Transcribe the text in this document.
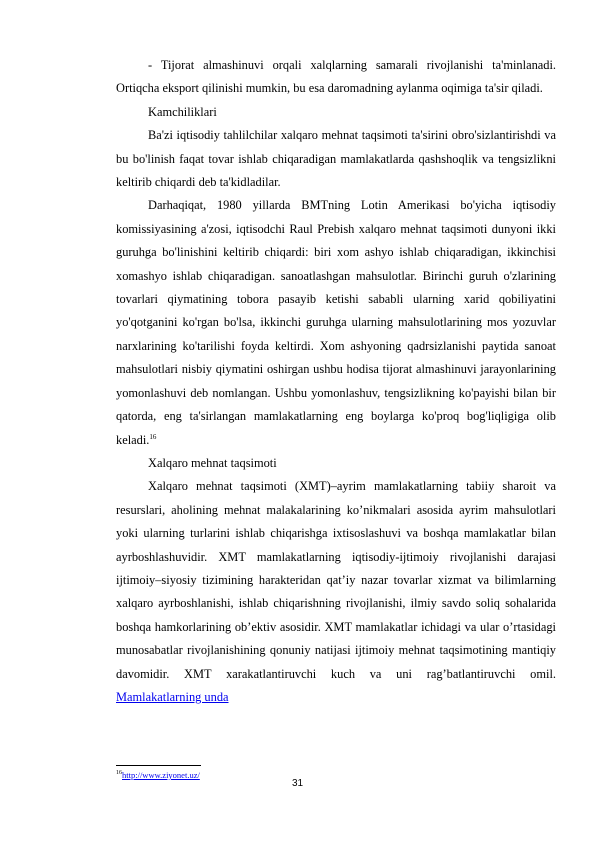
- Tijorat almashinuvi orqali xalqlarning samarali rivojlanishi ta'minlanadi. Ortiqcha eksport qilinishi mumkin, bu esa daromadning aylanma oqimiga ta'sir qiladi.

Kamchiliklari

Ba'zi iqtisodiy tahlilchilar xalqaro mehnat taqsimoti ta'sirini obro'sizlantirishdi va bu bo'linish faqat tovar ishlab chiqaradigan mamlakatlarda qashshoqlik va tengsizlikni keltirib chiqardi deb ta'kidladilar.

Darhaqiqat, 1980 yillarda BMTning Lotin Amerikasi bo'yicha iqtisodiy komissiyasining a'zosi, iqtisodchi Raul Prebish xalqaro mehnat taqsimoti dunyoni ikki guruhga bo'linishini keltirib chiqardi: biri xom ashyo ishlab chiqaradigan, ikkinchisi xomashyo ishlab chiqaradigan. sanoatlashgan mahsulotlar. Birinchi guruh o'zlarining tovarlari qiymatining tobora pasayib ketishi sababli ularning xarid qobiliyatini yo'qotganini ko'rgan bo'lsa, ikkinchi guruhga ularning mahsulotlarining mos yozuvlar narxlarining ko'tarilishi foyda keltirdi. Xom ashyoning qadrsizlanishi paytida sanoat mahsulotlari nisbiy qiymatini oshirgan ushbu hodisa tijorat almashinuvi jarayonlarining yomonlashuvi deb nomlangan. Ushbu yomonlashuv, tengsizlikning ko'payishi bilan bir qatorda, eng ta'sirlangan mamlakatlarning eng boylarga ko'proq bog'liqligiga olib keladi.$^{16}$

Xalqaro mehnat taqsimoti

Xalqaro mehnat taqsimoti (XMT)–ayrim mamlakatlarning tabiiy sharoit va resurslari, aholining mehnat malakalarining ko’nikmalari asosida ayrim mahsulotlari yoki ularning turlarini ishlab chiqarishga ixtisoslashuvi va boshqa mamlakatlar bilan ayrboshlashuvidir. XMT mamlakatlarning iqtisodiy-ijtimoiy rivojlanishi darajasi ijtimoiy–siyosiy tizimining harakteridan qat’iy nazar tovarlar xizmat va bilimlarning xalqaro ayrboshlanishi, ishlab chiqarishning rivojlanishi, ilmiy savdo soliq sohalarida boshqa hamkorlarining ob’ektiv asosidir. XMT mamlakatlar ichidagi va ular o’rtasidagi munosabatlar rivojlanishining qonuniy natijasi ijtimoiy mehnat taqsimotining mantiqiy davomidir. XMT xarakatlantiruvchi kuch va uni rag’batlantiruvchi omil. Mamlakatlarning unda

$^{16}$http://www.ziyonet.uz/
31
